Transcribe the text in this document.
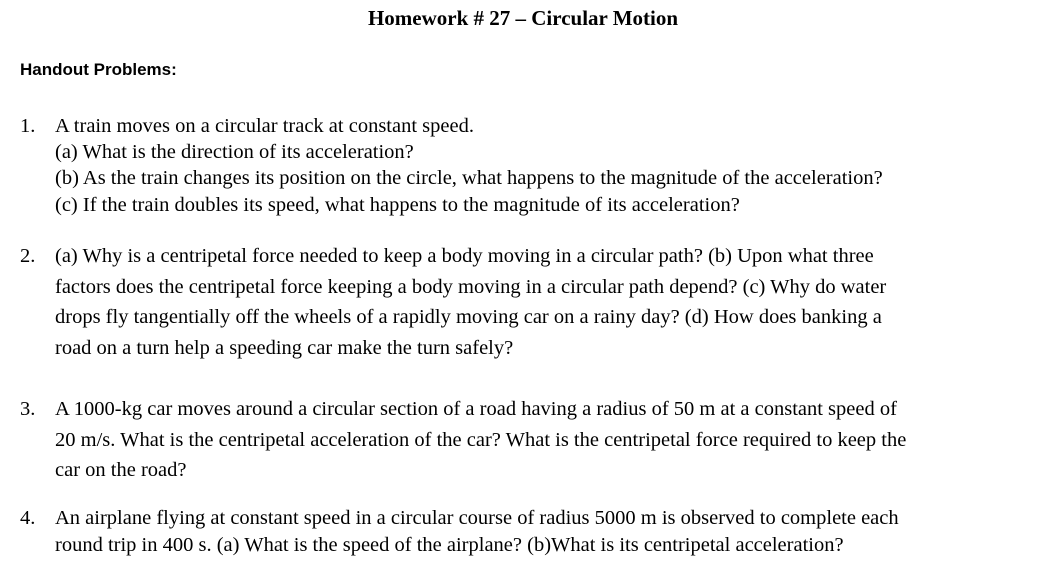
Homework # 27 – Circular Motion
Handout Problems:
1. A train moves on a circular track at constant speed.
(a) What is the direction of its acceleration?
(b) As the train changes its position on the circle, what happens to the magnitude of the acceleration?
(c) If the train doubles its speed, what happens to the magnitude of its acceleration?
2. (a) Why is a centripetal force needed to keep a body moving in a circular path? (b) Upon what three
factors does the centripetal force keeping a body moving in a circular path depend? (c) Why do water
drops fly tangentially off the wheels of a rapidly moving car on a rainy day? (d) How does banking a
road on a turn help a speeding car make the turn safely?
3. A 1000-kg car moves around a circular section of a road having a radius of 50 m at a constant speed of
20 m/s. What is the centripetal acceleration of the car? What is the centripetal force required to keep the
car on the road?
4. An airplane flying at constant speed in a circular course of radius 5000 m is observed to complete each
round trip in 400 s. (a) What is the speed of the airplane? (b)What is its centripetal acceleration?
